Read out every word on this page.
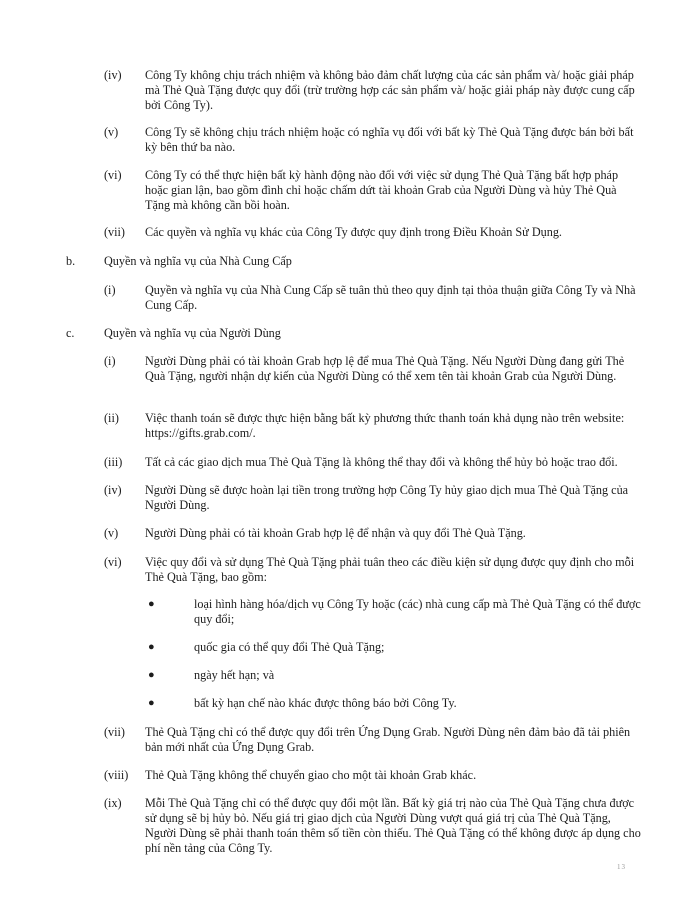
(iv) Công Ty không chịu trách nhiệm và không bảo đảm chất lượng của các sản phẩm và/ hoặc giải pháp mà Thẻ Quà Tặng được quy đổi (trừ trường hợp các sản phẩm và/ hoặc giải pháp này được cung cấp bởi Công Ty).
(v) Công Ty sẽ không chịu trách nhiệm hoặc có nghĩa vụ đối với bất kỳ Thẻ Quà Tặng được bán bởi bất kỳ bên thứ ba nào.
(vi) Công Ty có thể thực hiện bất kỳ hành động nào đối với việc sử dụng Thẻ Quà Tặng bất hợp pháp hoặc gian lận, bao gồm đình chỉ hoặc chấm dứt tài khoản Grab của Người Dùng và hủy Thẻ Quà Tặng mà không cần bồi hoàn.
(vii) Các quyền và nghĩa vụ khác của Công Ty được quy định trong Điều Khoản Sử Dụng.
b. Quyền và nghĩa vụ của Nhà Cung Cấp
(i) Quyền và nghĩa vụ của Nhà Cung Cấp sẽ tuân thủ theo quy định tại thỏa thuận giữa Công Ty và Nhà Cung Cấp.
c. Quyền và nghĩa vụ của Người Dùng
(i) Người Dùng phải có tài khoản Grab hợp lệ để mua Thẻ Quà Tặng. Nếu Người Dùng đang gửi Thẻ Quà Tặng, người nhận dự kiến của Người Dùng có thể xem tên tài khoản Grab của Người Dùng.
(ii) Việc thanh toán sẽ được thực hiện bằng bất kỳ phương thức thanh toán khả dụng nào trên website: https://gifts.grab.com/.
(iii) Tất cả các giao dịch mua Thẻ Quà Tặng là không thể thay đổi và không thể hủy bỏ hoặc trao đổi.
(iv) Người Dùng sẽ được hoàn lại tiền trong trường hợp Công Ty hủy giao dịch mua Thẻ Quà Tặng của Người Dùng.
(v) Người Dùng phải có tài khoản Grab hợp lệ để nhận và quy đổi Thẻ Quà Tặng.
(vi) Việc quy đổi và sử dụng Thẻ Quà Tặng phải tuân theo các điều kiện sử dụng được quy định cho mỗi Thẻ Quà Tặng, bao gồm:
●	loại hình hàng hóa/dịch vụ Công Ty hoặc (các) nhà cung cấp mà Thẻ Quà Tặng có thể được quy đổi;
●	quốc gia có thể quy đổi Thẻ Quà Tặng;
●	ngày hết hạn; và
●	bất kỳ hạn chế nào khác được thông báo bởi Công Ty.
(vii) Thẻ Quà Tặng chỉ có thể được quy đổi trên Ứng Dụng Grab. Người Dùng nên đảm bảo đã tải phiên bản mới nhất của Ứng Dụng Grab.
(viii) Thẻ Quà Tặng không thể chuyển giao cho một tài khoản Grab khác.
(ix) Mỗi Thẻ Quà Tặng chỉ có thể được quy đổi một lần. Bất kỳ giá trị nào của Thẻ Quà Tặng chưa được sử dụng sẽ bị hủy bỏ. Nếu giá trị giao dịch của Người Dùng vượt quá giá trị của Thẻ Quà Tặng, Người Dùng sẽ phải thanh toán thêm số tiền còn thiếu. Thẻ Quà Tặng có thể không được áp dụng cho phí nền tảng của Công Ty.
13
